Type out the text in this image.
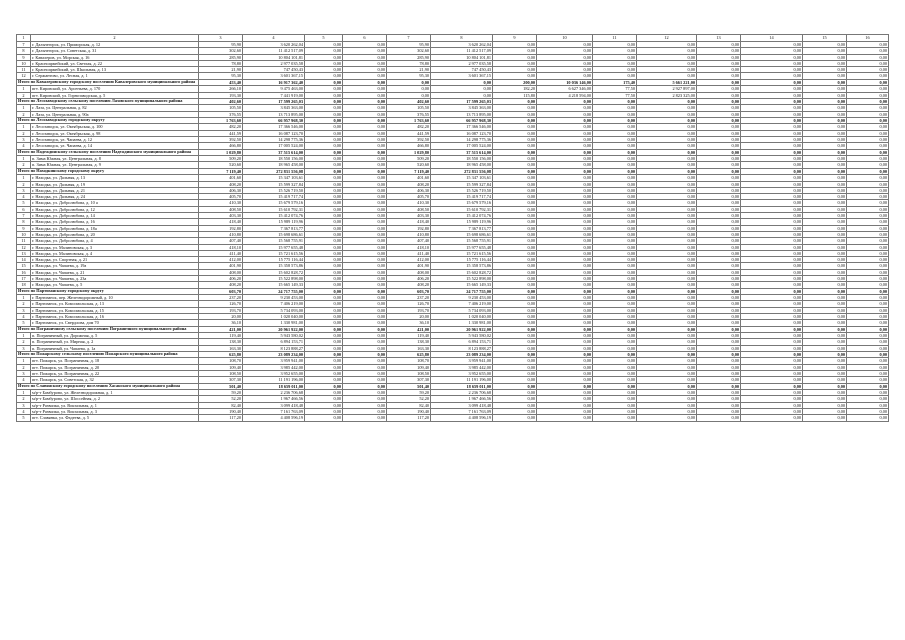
1	2	3	4	5	6	7	8	9	10	11	12	13	14	15	16
7	г. Дальнегорск, ул. Приморская, д. 12	95,90	3 620 262,04	0,00	0,00	95,90	3 620 262,04	0,00	0,00	0,00	0,00	0,00	0,00	0,00	0,00
8	г. Дальнегорск, ул. Советская, д. 31	302,60	11 412 517,09	0,00	0,00	302,60	11 412 517,09	0,00	0,00	0,00	0,00	0,00	0,00	0,00	0,00
9	г. Кавалеров, ул. Морская, д. 16	285,90	10 804 101,81	0,00	0,00	285,90	10 804 101,81	0,00	0,00	0,00	0,00	0,00	0,00	0,00	0,00
10	г. Красноармейский, ул. Светлая, д. 22	78,80	2 977 035,58	0,00	0,00	78,80	2 977 035,58	0,00	0,00	0,00	0,00	0,00	0,00	0,00	0,00
11	г. Красноармейский, ул. Школьная, д. 13	21,90	747 450,43	0,00	0,00	21,90	747 450,43	0,00	0,00	0,00	0,00	0,00	0,00	0,00	0,00
12	г. Сержантово, ул. Лесная, д. 1	95,30	3 601 367,15	0,00	0,00	95,30	3 601 367,15	0,00	0,00	0,00	0,00	0,00	0,00	0,00	0,00
Итого по Кавалеровскому городскому поселению Кавалеровского муниципального района		453,40	16 917 362,40	0,00	0,00	0,00	0,00	200,00	10 036 146,00	175,40	5 661 221,00	0,00	0,00	0,00	0,00
1	пгт. Кировский, ул. Арсеньева, д. 170	266,10	9 475 463,00	0,00	0,00	0,00	0,00	182,20	6 627 346,00	77,50	2 927 897,00	0,00	0,00	0,00	0,00
2	пгт. Кировский, ул. Горнозаводская, д. 5	193,30	7 441 919,00	0,00	0,00	0,00	0,00	115,80	4 218 594,00	77,50	2 823 325,00	0,00	0,00	0,00	0,00
Итого по Лесозаводскому сельскому поселению Лазовского муниципального района		402,60	17 599 265,03	0,00	0,00	402,60	17 599 265,03	0,00	0,00	0,00	0,00	0,00	0,00	0,00	0,00
1	г. Лаза, ул. Центральная, д. 82	105,50	3 845 363,00	0,00	0,00	105,50	3 845 363,00	0,00	0,00	0,00	0,00	0,00	0,00	0,00	0,00
2	г. Лаза, ул. Центральная, д. 90а	376,55	13 713 895,00	0,00	0,00	376,55	13 713 895,00	0,00	0,00	0,00	0,00	0,00	0,00	0,00	0,00
Итого по Лесозаводскому городскому округу		1 763,60	66 957 968,30	0,00	0,00	1 763,60	66 957 968,30	0,00	0,00	0,00	0,00	0,00	0,00	0,00	0,00
1	г. Лесозаводск, ул. Октябрьская, д. 100	482,20	17 366 546,00	0,00	0,00	482,20	17 366 546,00	0,00	0,00	0,00	0,00	0,00	0,00	0,00	0,00
2	г. Лесозаводск, ул. Октябрьская, д. 98	441,59	16 087 123,70	0,00	0,00	441,59	16 087 123,70	0,00	0,00	0,00	0,00	0,00	0,00	0,00	0,00
3	г. Лесозаводск, ул. Чапаева, д. 12	392,50	14 298 775,36	0,00	0,00	392,50	14 298 775,36	0,00	0,00	0,00	0,00	0,00	0,00	0,00	0,00
4	г. Лесозаводск, ул. Чапаева, д. 14	466,80	17 005 524,00	0,00	0,00	466,80	17 005 524,00	0,00	0,00	0,00	0,00	0,00	0,00	0,00	0,00
Итого по Надеждинскому сельскому поселению Надеждинского муниципального района		1 029,80	37 515 614,00	0,00	0,00	1 029,80	37 515 614,00	0,00	0,00	0,00	0,00	0,00	0,00	0,00	0,00
1	п. Зима Южная, ул. Центральная, д. 8	509,20	18 550 156,00	0,00	0,00	509,20	18 550 156,00	0,00	0,00	0,00	0,00	0,00	0,00	0,00	0,00
2	п. Зима Южная, ул. Центральная, д. 9	520,60	18 965 458,00	0,00	0,00	520,60	18 965 458,00	0,00	0,00	0,00	0,00	0,00	0,00	0,00	0,00
Итого по Находкинскому городскому округу		7 119,40	272 831 556,08	0,00	0,00	7 119,40	272 831 556,08	0,00	0,00	0,00	0,00	0,00	0,00	0,00	0,00
1	г. Находка, ул. Дальняя, д. 13	401,60	15 347 103,61	0,00	0,00	401,60	15 347 103,61	0,00	0,00	0,00	0,00	0,00	0,00	0,00	0,00
2	г. Находка, ул. Дальняя, д. 19	408,20	15 599 327,84	0,00	0,00	408,20	15 599 327,84	0,00	0,00	0,00	0,00	0,00	0,00	0,00	0,00
3	г. Находка, ул. Дальняя, д. 21	406,30	15 526 719,50	0,00	0,00	406,30	15 526 719,50	0,00	0,00	0,00	0,00	0,00	0,00	0,00	0,00
4	г. Находка, ул. Дальняя, д. 24	405,70	15 419 717,74	0,00	0,00	405,70	15 419 717,74	0,00	0,00	0,00	0,00	0,00	0,00	0,00	0,00
5	г. Находка, ул. Добролюбова, д. 10 а	410,30	15 679 579,16	0,00	0,00	410,30	15 679 579,16	0,00	0,00	0,00	0,00	0,00	0,00	0,00	0,00
6	г. Находка, ул. Добролюбова, д. 12	408,50	15 610 792,31	0,00	0,00	408,50	15 610 792,31	0,00	0,00	0,00	0,00	0,00	0,00	0,00	0,00
7	г. Находка, ул. Добролюбова, д. 14	403,30	15 412 074,76	0,00	0,00	403,30	15 412 074,76	0,00	0,00	0,00	0,00	0,00	0,00	0,00	0,00
8	г. Находка, ул. Добролюбова, д. 16	418,40	15 989 119,96	0,00	0,00	418,40	15 989 119,96	0,00	0,00	0,00	0,00	0,00	0,00	0,00	0,00
9	г. Находка, ул. Добролюбова, д. 18а	192,80	7 367 813,77	0,00	0,00	192,80	7 367 813,77	0,00	0,00	0,00	0,00	0,00	0,00	0,00	0,00
10	г. Находка, ул. Добролюбова, д. 20	410,80	15 698 686,61	0,00	0,00	410,80	15 698 686,61	0,00	0,00	0,00	0,00	0,00	0,00	0,00	0,00
11	г. Находка, ул. Добролюбова, д. 4	407,40	15 568 755,91	0,00	0,00	407,40	15 568 755,91	0,00	0,00	0,00	0,00	0,00	0,00	0,00	0,00
12	г. Находка, ул. Малиновская, д. 3	418,10	15 977 655,48	0,00	0,00	418,10	15 977 655,48	0,00	0,00	0,00	0,00	0,00	0,00	0,00	0,00
13	г. Находка, ул. Малиновская, д. 4	411,40	15 721 615,56	0,00	0,00	411,40	15 721 615,56	0,00	0,00	0,00	0,00	0,00	0,00	0,00	0,00
14	г. Находка, ул. Спортная, д. 21	412,00	15 775 116,44	0,00	0,00	412,00	15 775 116,44	0,00	0,00	0,00	0,00	0,00	0,00	0,00	0,00
15	г. Находка, ул. Чапаева, д. 19а	401,90	15 358 573,86	0,00	0,00	401,90	15 358 573,86	0,00	0,00	0,00	0,00	0,00	0,00	0,00	0,00
16	г. Находка, ул. Чапаева, д. 21	408,00	15 602 828,72	0,00	0,00	408,00	15 602 828,72	0,00	0,00	0,00	0,00	0,00	0,00	0,00	0,00
17	г. Находка, ул. Чапаева, д. 23а	406,20	15 522 898,00	0,00	0,00	406,20	15 522 898,00	0,00	0,00	0,00	0,00	0,00	0,00	0,00	0,00
18	г. Находка, ул. Чапаева, д. 5	408,20	15 665 149,33	0,00	0,00	408,20	15 665 149,33	0,00	0,00	0,00	0,00	0,00	0,00	0,00	0,00
Итого по Партизанскому городскому округу		603,70	24 717 755,00	0,00	0,00	603,70	24 717 755,00	0,00	0,00	0,00	0,00	0,00	0,00	0,00	0,00
1	г. Партизанск, пер. Железнодорожный, д. 10	237,20	9 230 453,00	0,00	0,00	237,20	9 230 453,00	0,00	0,00	0,00	0,00	0,00	0,00	0,00	0,00
2	г. Партизанск, ул. Комсомольская, д. 13	126,70	7 406 219,00	0,00	0,00	126,70	7 406 219,00	0,00	0,00	0,00	0,00	0,00	0,00	0,00	0,00
3	г. Партизанск, ул. Комсомольская, д. 15	193,70	5 734 093,00	0,00	0,00	193,70	5 734 093,00	0,00	0,00	0,00	0,00	0,00	0,00	0,00	0,00
4	г. Партизанск, ул. Комсомольская, д. 16	20,00	1 020 040,00	0,00	0,00	20,00	1 020 040,00	0,00	0,00	0,00	0,00	0,00	0,00	0,00	0,00
5	г. Партизанск, ул. Свердлова, дом 70	36,10	1 330 981,00	0,00	0,00	36,10	1 330 981,00	0,00	0,00	0,00	0,00	0,00	0,00	0,00	0,00
Итого по Пограничному сельскому поселению Пограничного муниципального района		421,00	20 961 922,00	0,00	0,00	421,00	20 961 922,00	0,00	0,00	0,00	0,00	0,00	0,00	0,00	0,00
1	п. Пограничный, ул. Дорожная, д. 5	119,40	5 943 580,02	0,00	0,00	119,40	5 943 580,02	0,00	0,00	0,00	0,00	0,00	0,00	0,00	0,00
2	п. Пограничный, ул. Мирная, д. 2	138,30	6 894 153,71	0,00	0,00	138,30	6 894 153,71	0,00	0,00	0,00	0,00	0,00	0,00	0,00	0,00
3	п. Пограничный, ул. Чапаева, д. 1а	163,30	8 123 888,27	0,00	0,00	163,30	8 123 888,27	0,00	0,00	0,00	0,00	0,00	0,00	0,00	0,00
Итого по Пожарскому сельскому поселению Пожарского муниципального района		625,80	23 089 234,00	0,00	0,00	625,80	23 089 234,00	0,00	0,00	0,00	0,00	0,00	0,00	0,00	0,00
1	пгт. Пожарск, ул. Пограничная, д. 18	108,70	3 959 941,00	0,00	0,00	108,70	3 959 941,00	0,00	0,00	0,00	0,00	0,00	0,00	0,00	0,00
2	пгт. Пожарск, ул. Пограничная, д. 20	109,40	3 985 442,00	0,00	0,00	109,40	3 985 442,00	0,00	0,00	0,00	0,00	0,00	0,00	0,00	0,00
3	пгт. Пожарск, ул. Пограничная, д. 22	108,50	3 952 655,00	0,00	0,00	108,50	3 952 655,00	0,00	0,00	0,00	0,00	0,00	0,00	0,00	0,00
4	пгт. Пожарск, ул. Советская, д. 32	307,30	11 191 196,00	0,00	0,00	307,30	11 191 196,00	0,00	0,00	0,00	0,00	0,00	0,00	0,00	0,00
Итого по Славянскому городскому поселению Хасанского муниципального района		501,40	18 659 011,00	0,00	0,00	501,40	18 659 011,00	0,00	0,00	0,00	0,00	0,00	0,00	0,00	0,00
1	м/р-т Бамбурово, ул. Железнодорожная, д. 1	59,20	2 236 706,68	0,00	0,00	59,20	2 236 706,68	0,00	0,00	0,00	0,00	0,00	0,00	0,00	0,00
2	м/р-т Бамбурово, ул. Шоссейная, д. 2	52,20	1 967 466,56	0,00	0,00	52,20	1 967 466,56	0,00	0,00	0,00	0,00	0,00	0,00	0,00	0,00
3	м/р-т Развилка, ул. Вокзальная, д. 1	82,40	3 099 418,48	0,00	0,00	82,40	3 099 418,48	0,00	0,00	0,00	0,00	0,00	0,00	0,00	0,00
4	м/р-т Развилка, ул. Вокзальная, д. 3	190,40	7 161 763,09	0,00	0,00	190,40	7 161 763,09	0,00	0,00	0,00	0,00	0,00	0,00	0,00	0,00
5	пгт. Славянка, ул. Фадеева, д. 5	117,20	4 408 596,19	0,00	0,00	117,20	4 408 596,19	0,00	0,00	0,00	0,00	0,00	0,00	0,00	0,00
